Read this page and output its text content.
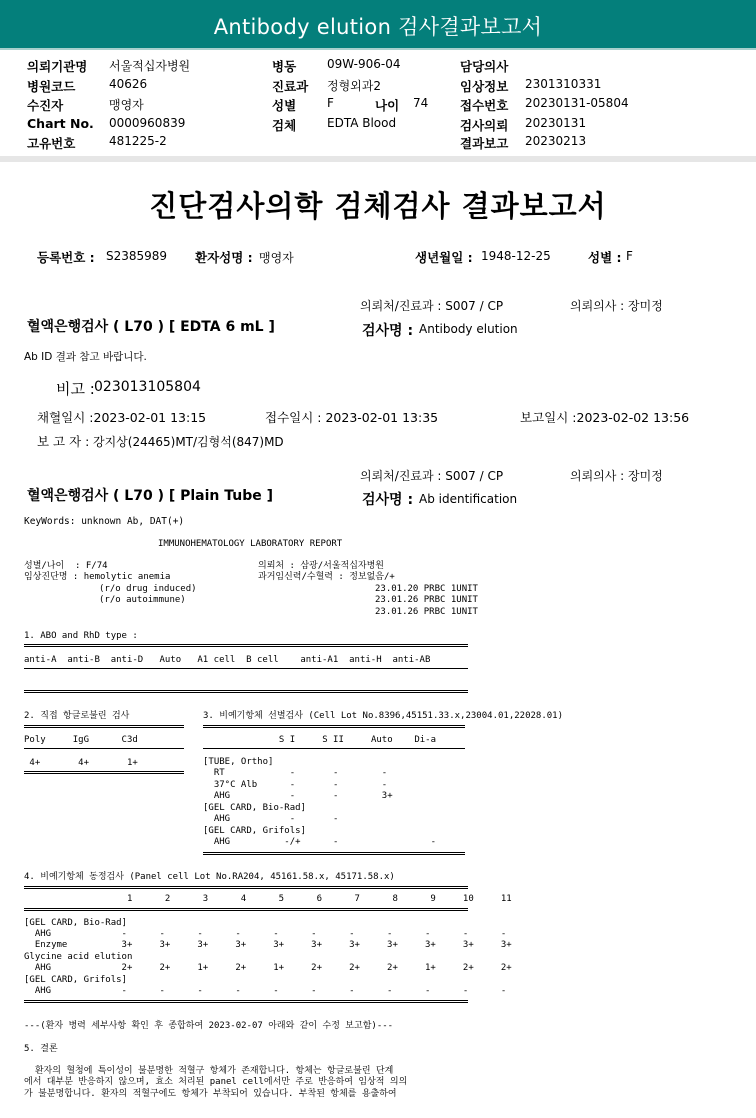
Antibody elution 검사결과보고서
의뢰기관명 서울적십자병원
병원코드	40626
수진자	맹영자
Chart No. 0000960839
고유번호	481225-2
병동	09W-906-04
진료과 정형외과2
성별	F	나이 74
검체	EDTA Blood
담당의사
임상정보 2301310331
접수번호 20230131-05804
검사의뢰 20230131
결과보고 20230213
진단검사의학 검체검사 결과보고서
등록번호 : S2385989 환자성명 : 맹영자	생년월일 : 1948-12-25	성별 : F
의뢰처/진료과 : S007 / CP	의뢰의사 : 장미정
혈액은행검사 ( L70 ) [ EDTA 6 mL ]	검사명 : Antibody elution
Ab ID 결과 참고 바랍니다.
비고 : 023013105804
채혈일시 :2023-02-01 13:15	접수일시 : 2023-02-01 13:35	보고일시 :2023-02-02 13:56
보 고 자 : 강지상(24465)MT/김형석(847)MD
의뢰처/진료과 : S007 / CP	의뢰의사 : 장미정
혈액은행검사 ( L70 ) [ Plain Tube ]	검사명 : Ab identification
KeyWords: unknown Ab, DAT(+)
IMMUNOHEMATOLOGY LABORATORY REPORT
성별/나이  : F/74	의뢰처 : 삼광/서울적십자병원
임상진단명 : hemolytic anemia	과거임신력/수혈력 : 정보없음/+
(r/o drug induced)	23.01.20 PRBC 1UNIT
(r/o autoimmune)	23.01.26 PRBC 1UNIT
23.01.26 PRBC 1UNIT
1. ABO and RhD type :
anti-A  anti-B  anti-D   Auto   A1 cell  B cell    anti-A1  anti-H  anti-AB
2. 직접 항글로불린 검사
Poly     IgG      C3d
4+       4+       1+
3. 비예기항체 선별검사 (Cell Lot No.8396,45151.33.x,23004.01,22028.01)
S I     S II     Auto    Di-a
[TUBE, Ortho]
RT            -       -        -
37°C Alb      -       -        -
AHG           -       -        3+
[GEL CARD, Bio-Rad]
AHG           -       -
[GEL CARD, Grifols]
AHG          -/+      -                 -
4. 비예기항체 동정검사 (Panel cell Lot No.RA204, 45161.58.x, 45171.58.x)
1      2      3      4      5      6      7      8      9     10     11
[GEL CARD, Bio-Rad]
AHG             -      -      -      -      -      -      -      -      -      -      -
Enzyme          3+     3+     3+     3+     3+     3+     3+     3+     3+     3+     3+
Glycine acid elution
AHG             2+     2+     1+     2+     1+     2+     2+     2+     1+     2+     2+
[GEL CARD, Grifols]
AHG             -      -      -      -      -      -      -      -      -      -      -
---(환자 병력 세부사항 확인 후 종합하여 2023-02-07 아래와 같이 수정 보고함)---
5. 결론
환자의 혈청에 특이성이 불분명한 적혈구 항체가 존재합니다. 항체는 항글로불린 단계
에서 대부분 반응하지 않으며, 효소 처리된 panel cell에서만 주로 반응하여 임상적 의의
가 불분명합니다. 환자의 적혈구에도 항체가 부착되어 있습니다. 부착된 항체를 용출하여
